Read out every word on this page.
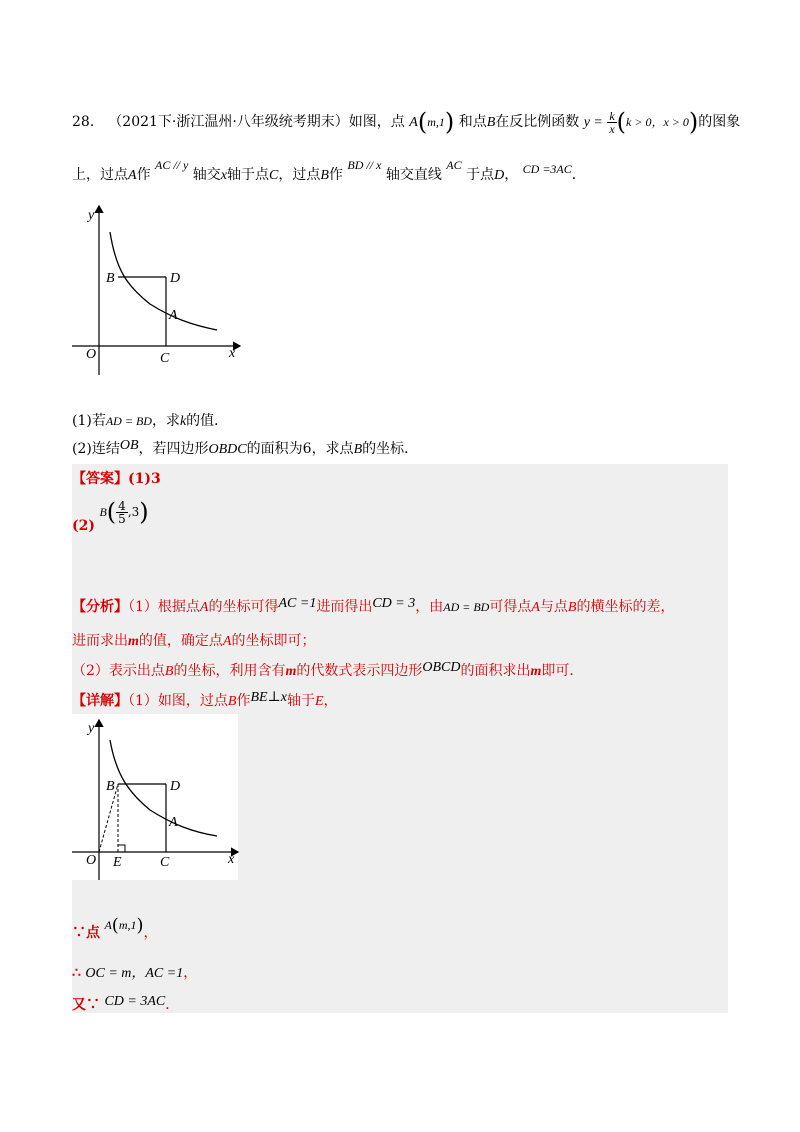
28． （2021下·浙江温州·八年级统考期末）如图，点 A(m,1) 和点B在反比例函数 $y = \frac{k}{x} (k > 0$，x > 0)的图象
上，过点A作 AC // y 轴交x轴于点C，过点B作 BD // x 轴交直线 AC 于点D， CD =3AC．
y
x
O
B	D
A
C
(1)若AD = BD，求k的值．
(2)连结OB，若四边形OBDC的面积为6，求点B的坐标．
【答案】(1)3
(2) $B( \frac{4}{5} ,3)$
【分析】（1）根据点A的坐标可得AC =1进而得出CD = 3，由AD = BD可得点A与点B的横坐标的差，
进而求出m的值，确定点A的坐标即可；
（2）表示出点B的坐标，利用含有m的代数式表示四边形OBCD的面积求出m即可．
【详解】（1）如图，过点B作BE⊥x轴于E，
y
x
O
B	D
A
C
E
∵点 A(m,1)，
∴ OC = m，AC =1，
又∵ CD = 3AC．
